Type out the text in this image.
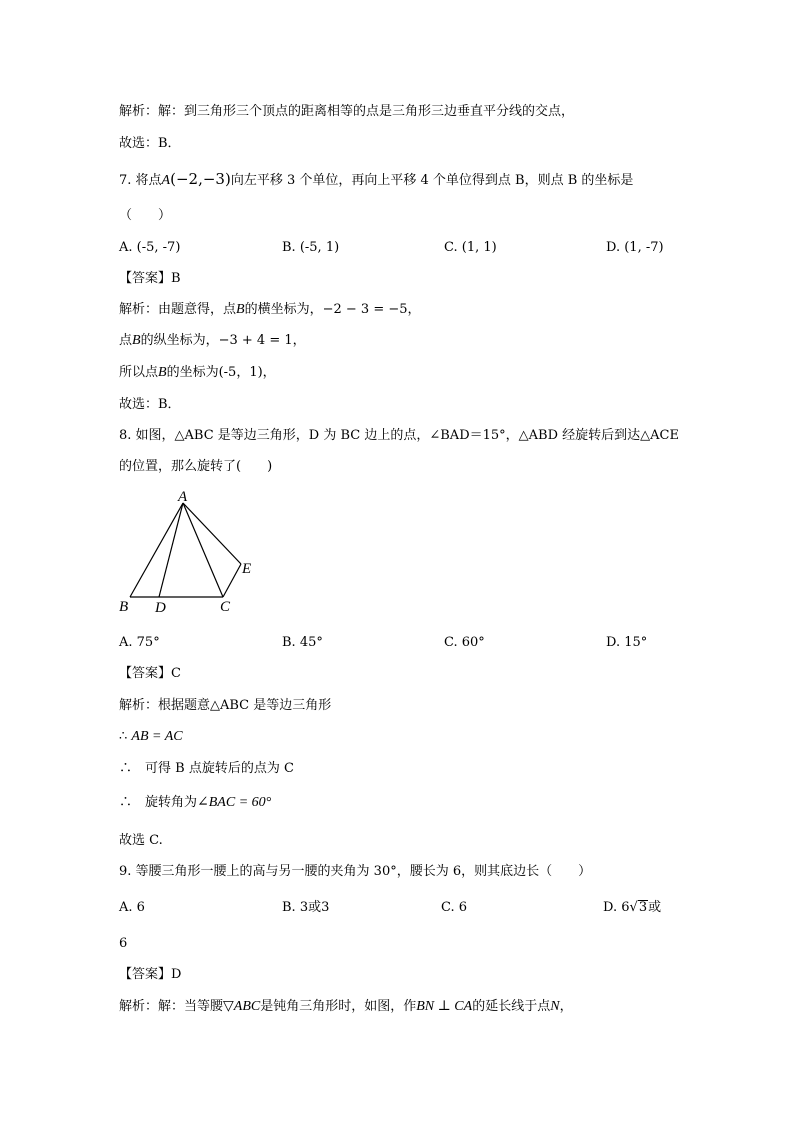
解析：解：到三角形三个顶点的距离相等的点是三角形三边垂直平分线的交点，
故选：B．
7. 将点A(−2,−3)向左平移 3 个单位，再向上平移 4 个单位得到点 B，则点 B 的坐标是
（　　）
A. (-5, -7)	B. (-5, 1)	C. (1, 1)	D. (1, -7)
【答案】B
解析：由题意得，点B的横坐标为，−2 − 3 = −5，
点B的纵坐标为，−3 + 4 = 1，
所以点B的坐标为(-5，1)，
故选：B．
8. 如图，△ABC 是等边三角形，D 为 BC 边上的点，∠BAD＝15°，△ABD 经旋转后到达△ACE
的位置，那么旋转了(　　)
A
B D	C
E
A. 75°	B. 45°	C. 60°	D. 15°
【答案】C
解析：根据题意△ABC 是等边三角形
∴ AB = AC
∴　可得 B 点旋转后的点为 C
∴　旋转角为∠BAC = 60°
故选 C.
9. 等腰三角形一腰上的高与另一腰的夹角为 30°，腰长为 6，则其底边长（　　）
A. 6	B. 3或3	C. 6	D. 6√3或
6
【答案】D
解析：解：当等腰▽ABC是钝角三角形时，如图，作BN ⊥ CA的延长线于点N，
